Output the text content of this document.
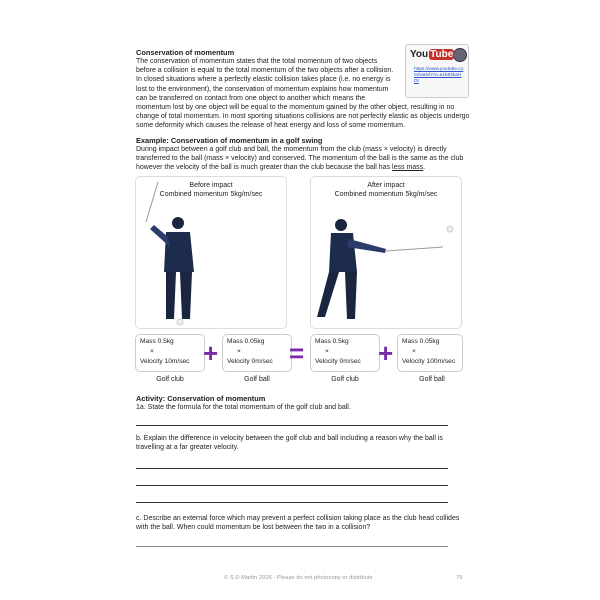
Conservation of momentum
The conservation of momentum states that the total momentum of two objects before a collision is equal to the total momentum of the two objects after a collision. In closed situations where a perfectly elastic collision takes place (i.e. no energy is lost to the environment), the conservation of momentum explains how momentum can be transferred on contact from one object to another which means the momentum lost by one object will be equal to the momentum gained by the other object, resulting in no change of total momentum. In most sporting situations collisions are not perfectly elastic as objects undergo some deformity which causes the release of heat energy and loss of some momentum.
You Tube
https://www.youtube.com/watch?v=e1k83kaHDt
Example: Conservation of momentum in a golf swing
During impact between a golf club and ball, the momentum from the club (mass × velocity) is directly transferred to the ball (mass × velocity) and conserved. The momentum of the ball is the same as the club however the velocity of the ball is much greater than the club because the ball has less mass.
Before impact
Combined momentum 5kg/m/sec
After impact
Combined momentum 5kg/m/sec
Mass 0.5kg
×
Velocity 10m/sec + Mass 0.05kg
×
Velocity 0m/sec = Mass 0.5kg
×
Velocity 0m/sec + Mass 0.05kg
×
Velocity 100m/sec
Golf club	Golf ball	Golf club	Golf ball
Activity: Conservation of momentum
1a. State the formula for the total momentum of the golf club and ball.
b. Explain the difference in velocity between the golf club and ball including a reason why the ball is travelling at a far greater velocity.
c. Describe an external force which may prevent a perfect collision taking place as the club head collides with the ball. When could momentum be lost between the two in a collision?
© S D Martin 2026 - Please do not photocopy or distribute	79
